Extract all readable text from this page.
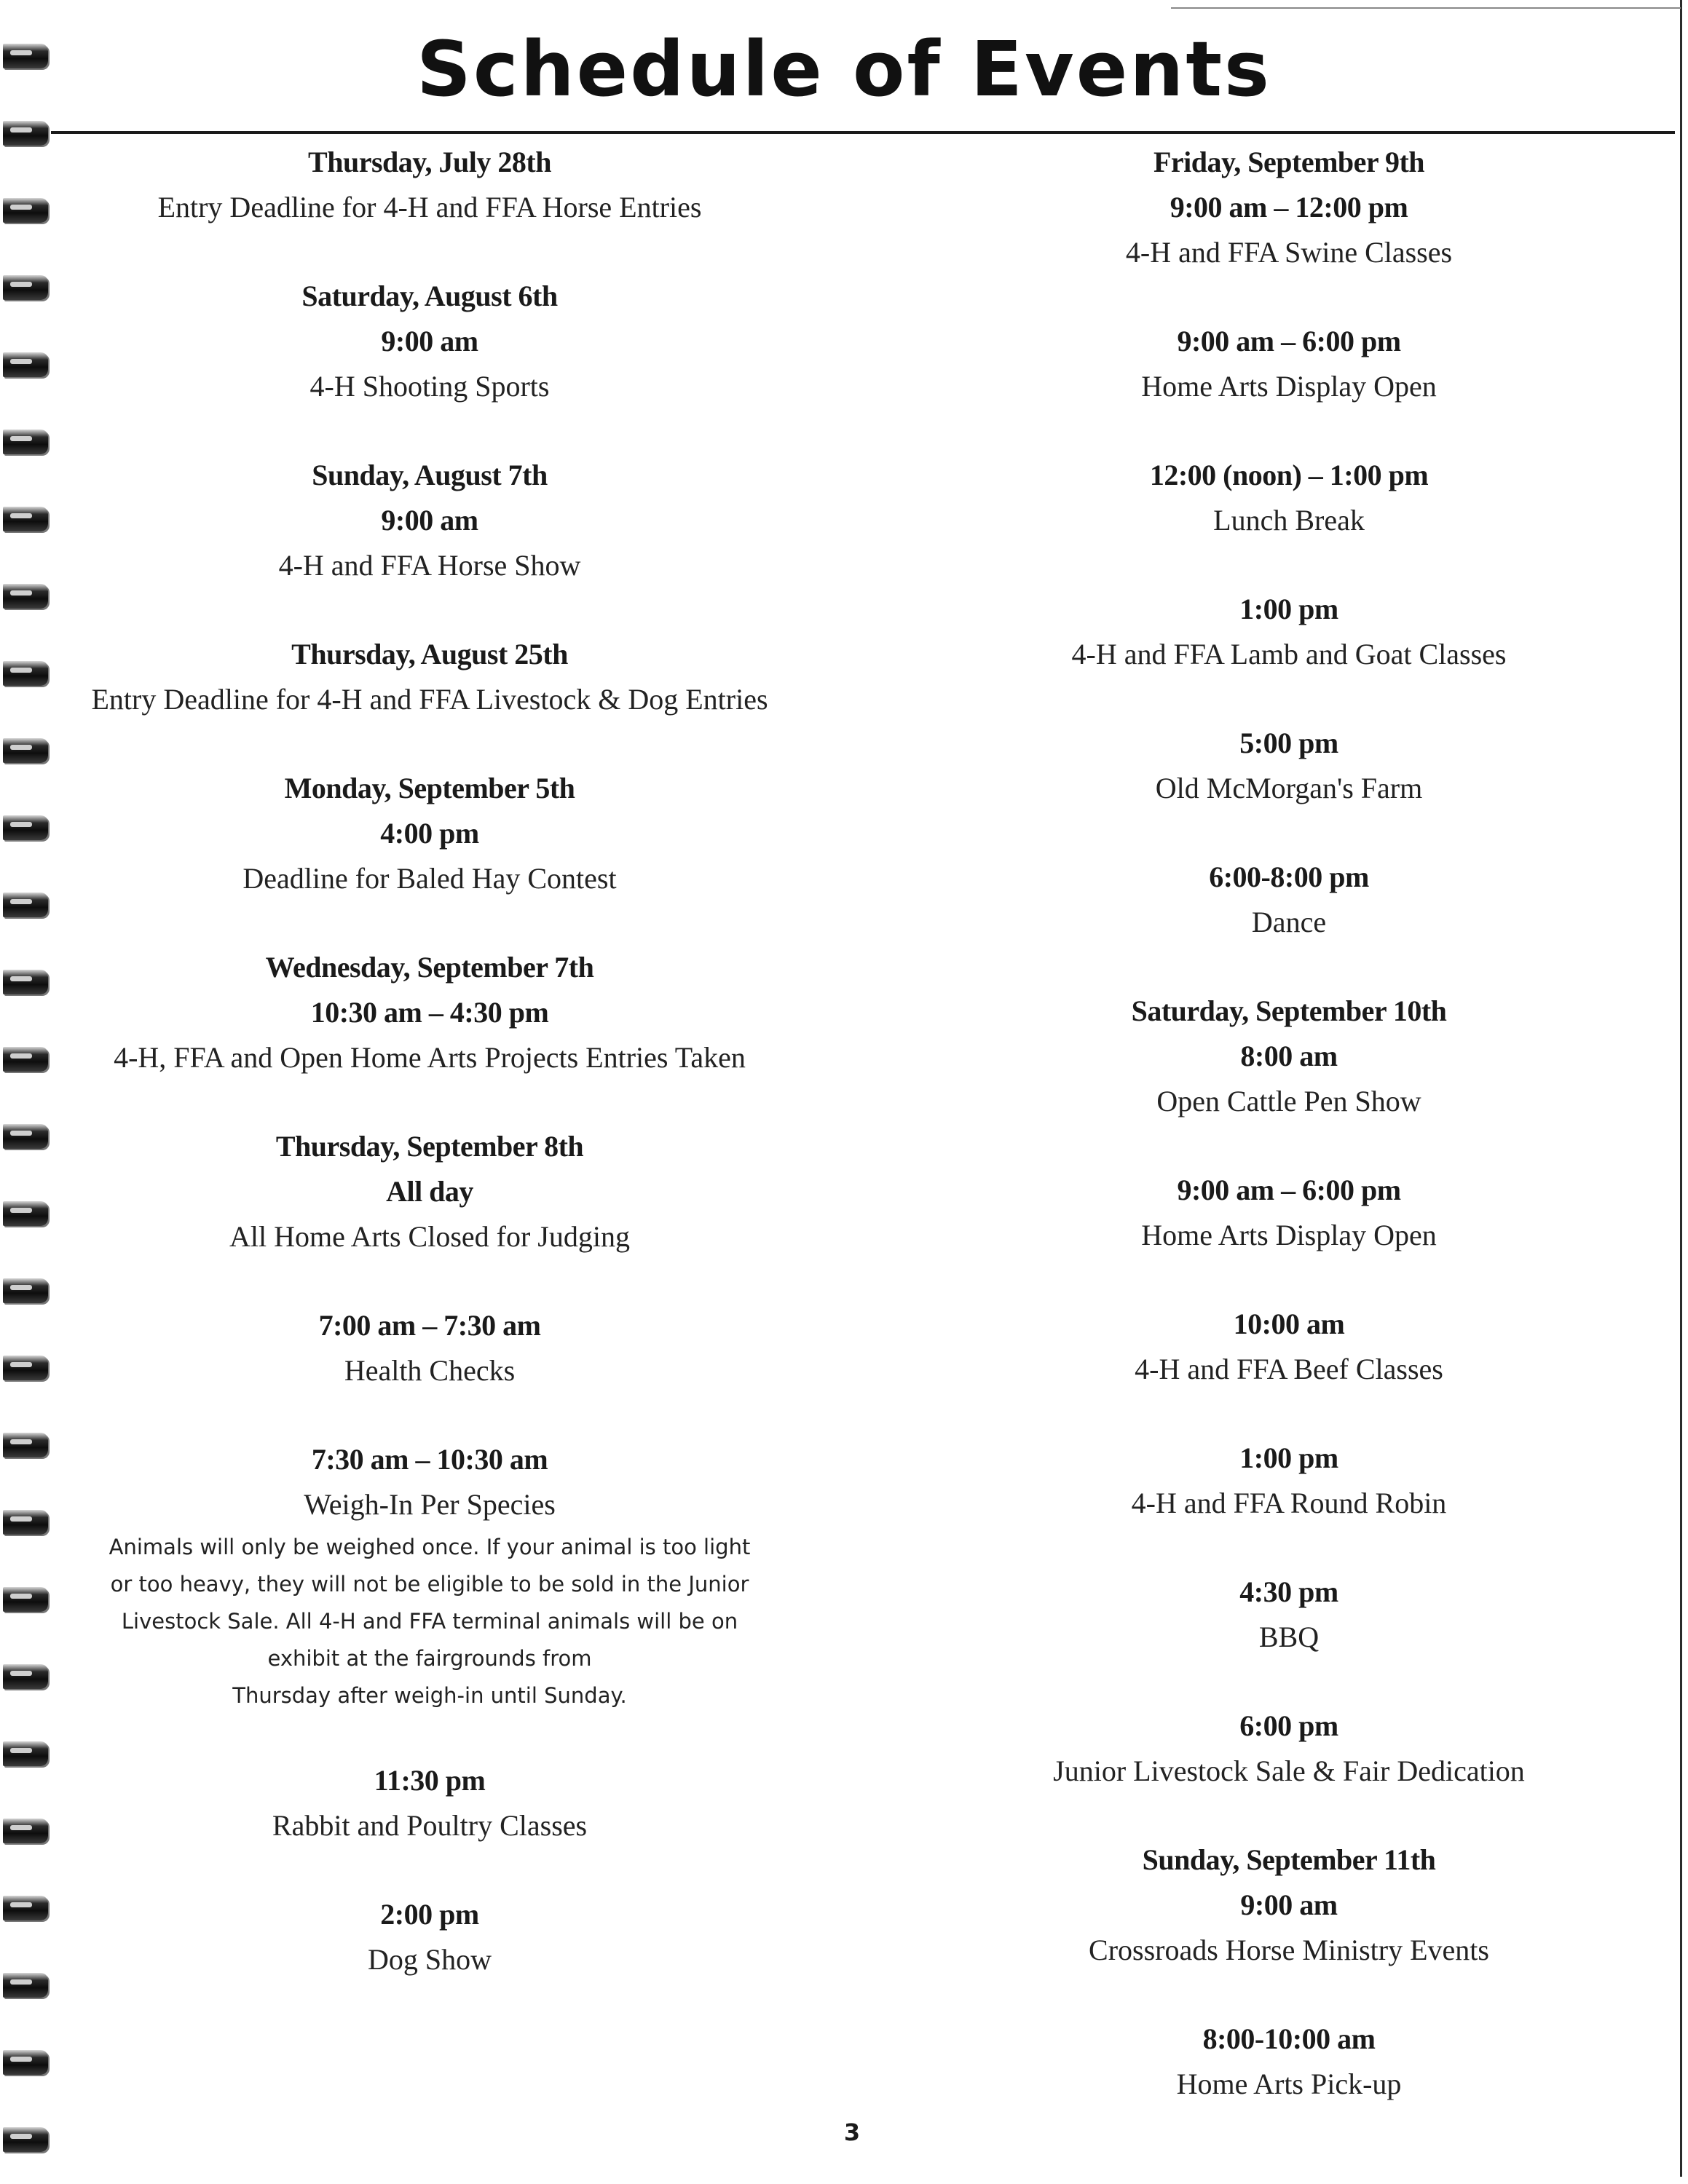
Schedule of Events
Thursday, July 28th
Entry Deadline for 4-H and FFA Horse Entries
Saturday, August 6th
9:00 am
4-H Shooting Sports
Sunday, August 7th
9:00 am
4-H and FFA Horse Show
Thursday, August 25th
Entry Deadline for 4-H and FFA Livestock & Dog Entries
Monday, September 5th
4:00 pm
Deadline for Baled Hay Contest
Wednesday, September 7th
10:30 am – 4:30 pm
4-H, FFA and Open Home Arts Projects Entries Taken
Thursday, September 8th
All day
All Home Arts Closed for Judging
7:00 am – 7:30 am
Health Checks
7:30 am – 10:30 am
Weigh-In Per Species
Animals will only be weighed once. If your animal is too light
or too heavy, they will not be eligible to be sold in the Junior
Livestock Sale. All 4-H and FFA terminal animals will be on
exhibit at the fairgrounds from
Thursday after weigh-in until Sunday.
11:30 pm
Rabbit and Poultry Classes
2:00 pm
Dog Show
Friday, September 9th
9:00 am – 12:00 pm
4-H and FFA Swine Classes
9:00 am – 6:00 pm
Home Arts Display Open
12:00 (noon) – 1:00 pm
Lunch Break
1:00 pm
4-H and FFA Lamb and Goat Classes
5:00 pm
Old McMorgan's Farm
6:00-8:00 pm
Dance
Saturday, September 10th
8:00 am
Open Cattle Pen Show
9:00 am – 6:00 pm
Home Arts Display Open
10:00 am
4-H and FFA Beef Classes
1:00 pm
4-H and FFA Round Robin
4:30 pm
BBQ
6:00 pm
Junior Livestock Sale & Fair Dedication
Sunday, September 11th
9:00 am
Crossroads Horse Ministry Events
8:00-10:00 am
Home Arts Pick-up
3
